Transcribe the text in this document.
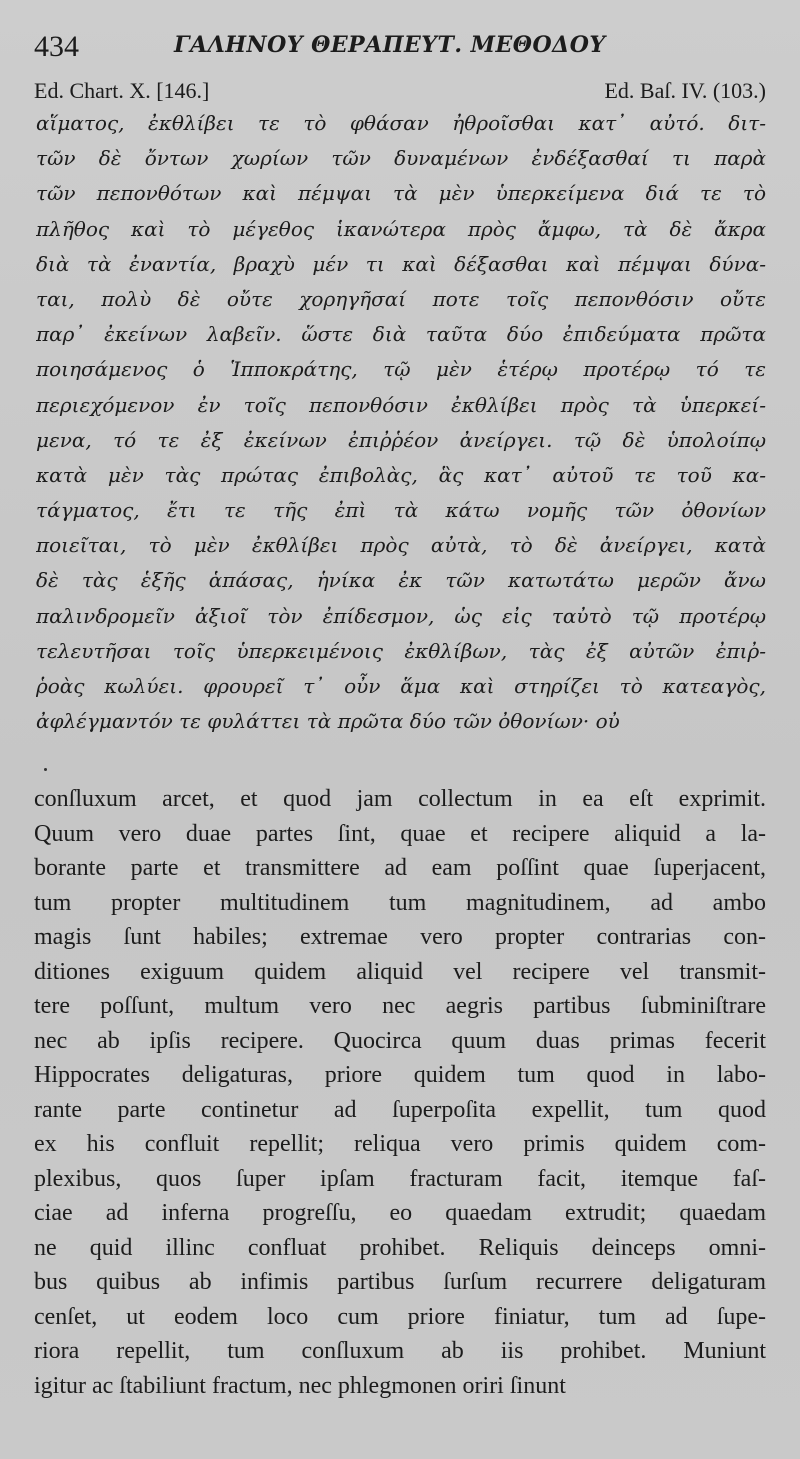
434	ΓΑΛΗΝΟΥ ΘΕΡΑΠΕΥΤ. ΜΕΘΟΔΟΥ
Ed. Chart. X. [146.]	Ed. Baſ. IV. (103.)
αἵματος, ἐκθλίβει τε τὸ φθάσαν ἠθροῖσθαι κατ᾽ αὐτό. διτ-
τῶν δὲ ὄντων χωρίων τῶν δυναμένων ἐνδέξασθαί τι παρὰ
τῶν πεπονθότων καὶ πέμψαι τὰ μὲν ὑπερκείμενα διά τε τὸ
πλῆθος καὶ τὸ μέγεθος ἱκανώτερα πρὸς ἄμφω, τὰ δὲ ἄκρα
διὰ τὰ ἐναντία, βραχὺ μέν τι καὶ δέξασθαι καὶ πέμψαι δύνα-
ται, πολὺ δὲ οὔτε χορηγῆσαί ποτε τοῖς πεπονθόσιν οὔτε
παρ᾽ ἐκείνων λαβεῖν. ὥστε διὰ ταῦτα δύο ἐπιδεύματα πρῶτα
ποιησάμενος ὁ Ἱπποκράτης, τῷ μὲν ἑτέρῳ προτέρῳ τό τε
περιεχόμενον ἐν τοῖς πεπονθόσιν ἐκθλίβει πρὸς τὰ ὑπερκεί-
μενα, τό τε ἐξ ἐκείνων ἐπιῤῥέον ἀνείργει. τῷ δὲ ὑπολοίπῳ
κατὰ μὲν τὰς πρώτας ἐπιβολὰς, ἃς κατ᾽ αὐτοῦ τε τοῦ κα-
τάγματος, ἔτι τε τῆς ἐπὶ τὰ κάτω νομῆς τῶν ὀθονίων
ποιεῖται, τὸ μὲν ἐκθλίβει πρὸς αὐτὰ, τὸ δὲ ἀνείργει, κατὰ
δὲ τὰς ἑξῆς ἁπάσας, ἡνίκα ἐκ τῶν κατωτάτω μερῶν ἄνω
παλινδρομεῖν ἀξιοῖ τὸν ἐπίδεσμον, ὡς εἰς ταὐτὸ τῷ προτέρῳ
τελευτῆσαι τοῖς ὑπερκειμένοις ἐκθλίβων, τὰς ἐξ αὐτῶν ἐπιῤ-
ῥοὰς κωλύει. φρουρεῖ τ᾽ οὖν ἅμα καὶ στηρίζει τὸ κατεαγὸς,
ἀφλέγμαντόν τε φυλάττει τὰ πρῶτα δύο τῶν ὀθονίων· οὐ
conſluxum arcet, et quod jam collectum in ea eſt exprimit.
Quum vero duae partes ſint, quae et recipere aliquid a la-
borante parte et transmittere ad eam poſſint quae ſuperjacent,
tum propter multitudinem tum magnitudinem, ad ambo
magis ſunt habiles; extremae vero propter contrarias con-
ditiones exiguum quidem aliquid vel recipere vel transmit-
tere poſſunt, multum vero nec aegris partibus ſubminiſtrare
nec ab ipſis recipere. Quocirca quum duas primas fecerit
Hippocrates deligaturas, priore quidem tum quod in labo-
rante parte continetur ad ſuperpoſita expellit, tum quod
ex his confluit repellit; reliqua vero primis quidem com-
plexibus, quos ſuper ipſam fracturam facit, itemque faſ-
ciae ad inferna progreſſu, eo quaedam extrudit; quaedam
ne quid illinc confluat prohibet. Reliquis deinceps omni-
bus quibus ab infimis partibus ſurſum recurrere deligaturam
cenſet, ut eodem loco cum priore finiatur, tum ad ſupe-
riora repellit, tum conſluxum ab iis prohibet. Muniunt
igitur ac ſtabiliunt fractum, nec phlegmonen oriri ſinunt
